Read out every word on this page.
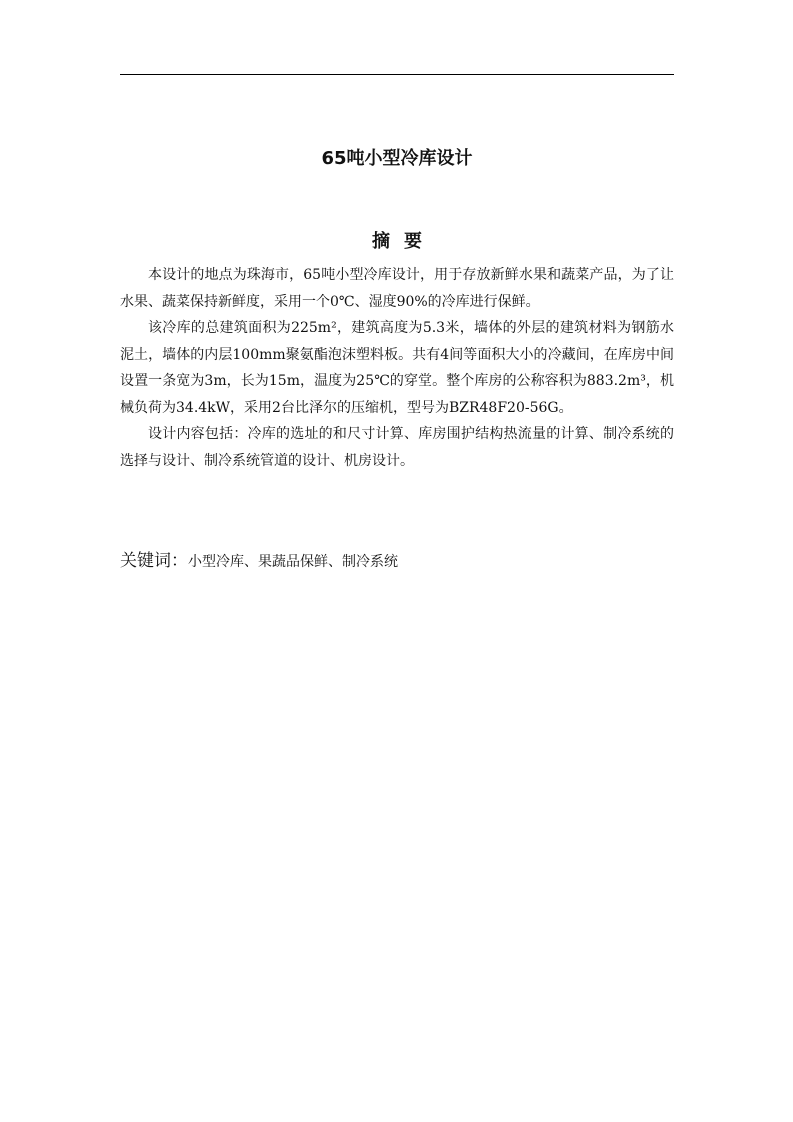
65吨小型冷库设计
摘要

本设计的地点为珠海市，65吨小型冷库设计，用于存放新鲜水果和蔬菜产品，为了让水果、蔬菜保持新鲜度，采用一个0℃、湿度90%的冷库进行保鲜。

该冷库的总建筑面积为225m²，建筑高度为5.3米，墙体的外层的建筑材料为钢筋水泥土，墙体的内层100mm聚氨酯泡沫塑料板。共有4间等面积大小的冷藏间，在库房中间设置一条宽为3m，长为15m，温度为25℃的穿堂。整个库房的公称容积为883.2m³，机械负荷为34.4kW，采用2台比泽尔的压缩机，型号为BZR48F20-56G。

设计内容包括：冷库的选址的和尺寸计算、库房围护结构热流量的计算、制冷系统的选择与设计、制冷系统管道的设计、机房设计。

关键词：小型冷库、果蔬品保鲜、制冷系统
